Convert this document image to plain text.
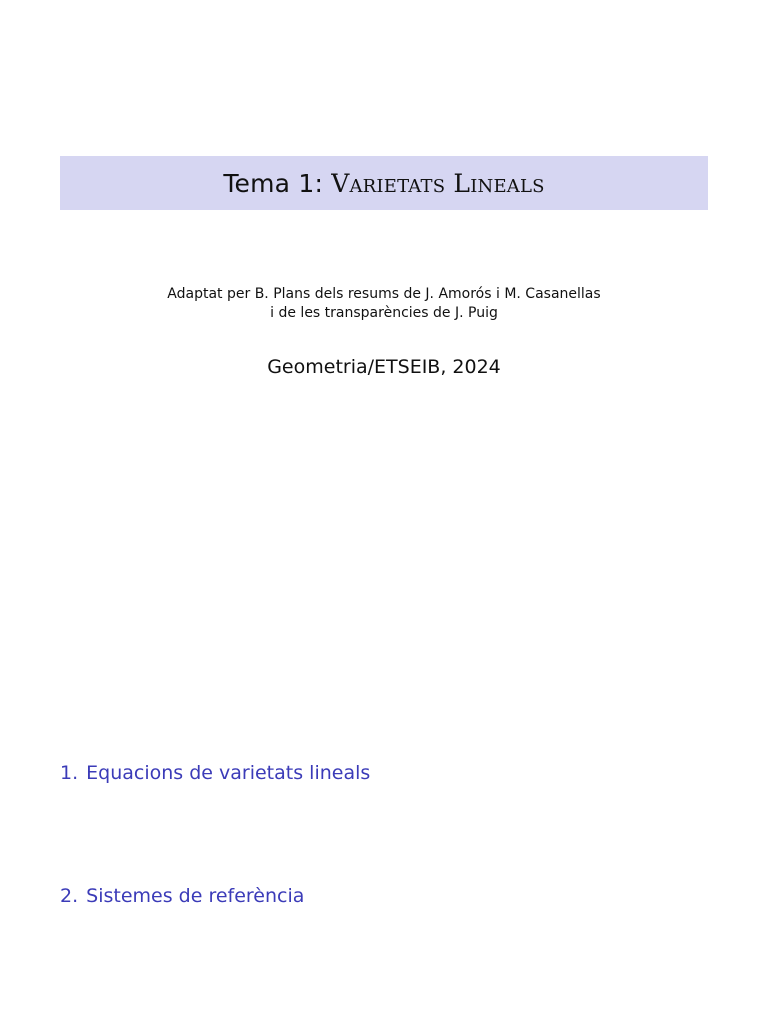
Tema 1: Varietats Lineals
Adaptat per B. Plans dels resums de J. Amorós i M. Casanellas
i de les transparències de J. Puig
Geometria/ETSEIB, 2024
1. Equacions de varietats lineals
2. Sistemes de referència
